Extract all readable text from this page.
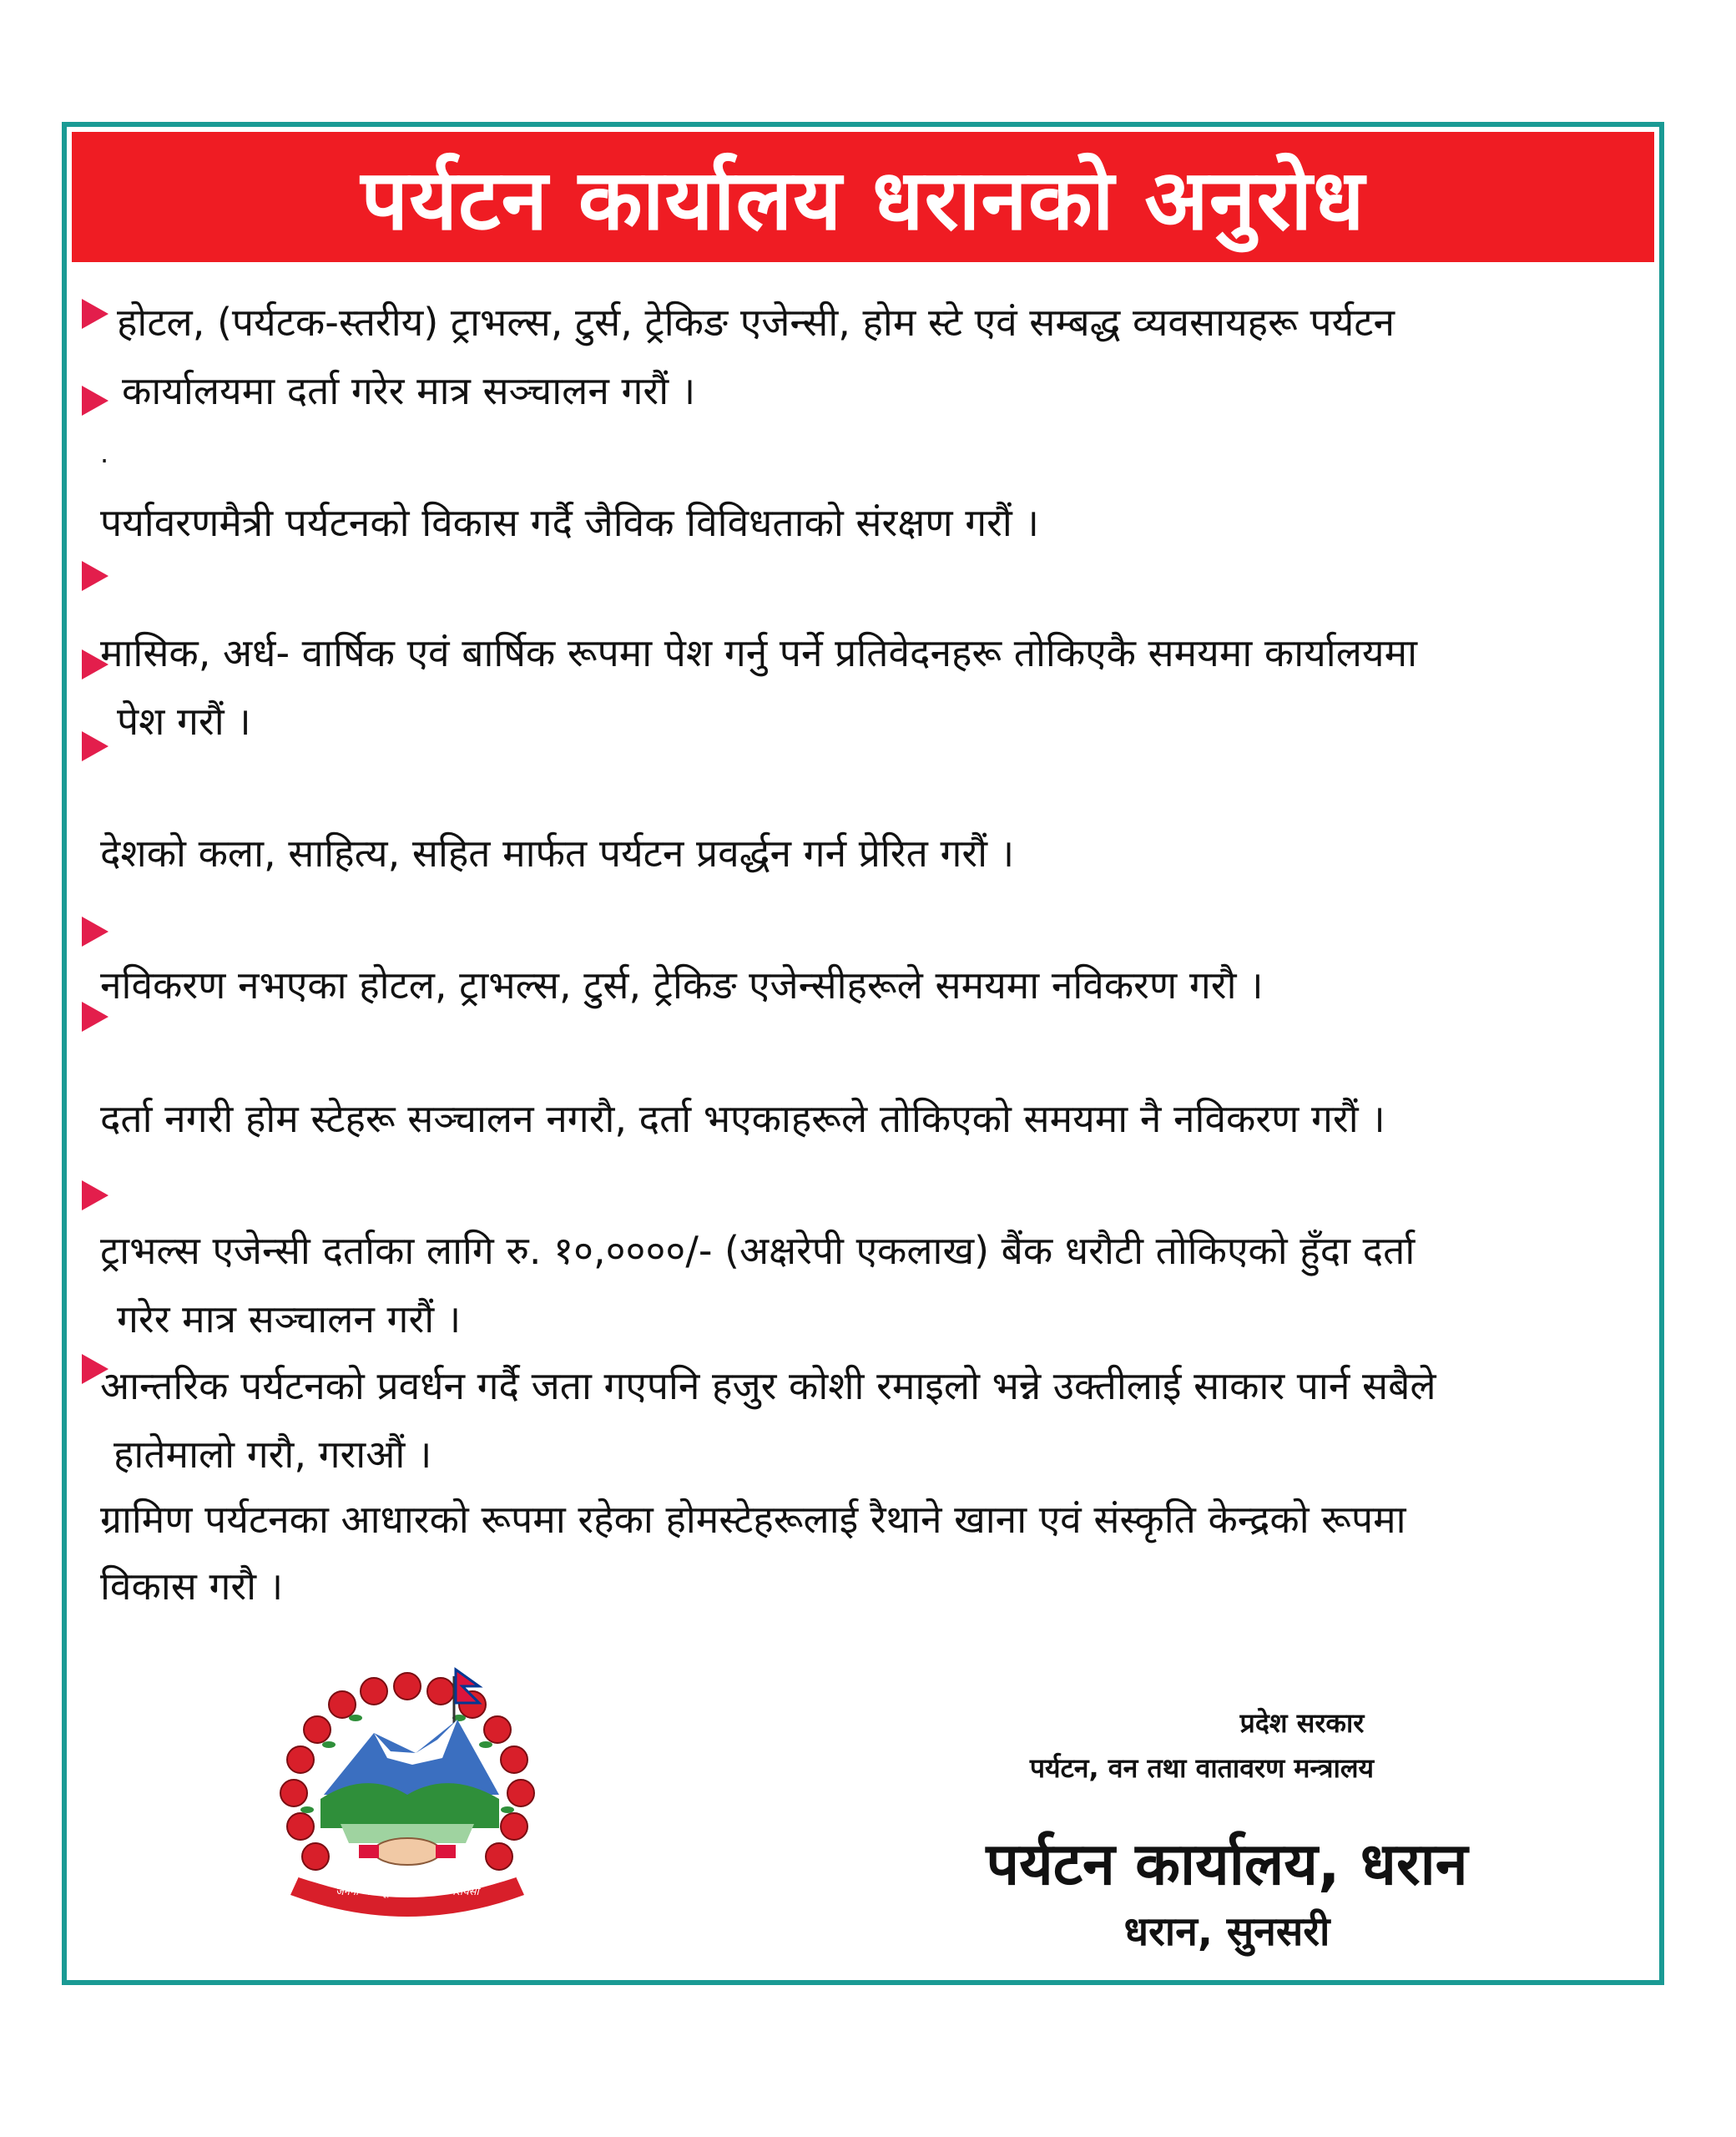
पर्यटन कार्यालय धरानको अनुरोध
.
होटल, (पर्यटक-स्तरीय) ट्राभल्स, टुर्स, ट्रेकिङ एजेन्सी, होम स्टे एवं सम्बद्ध व्यवसायहरू पर्यटन
कार्यालयमा दर्ता गरेर मात्र सञ्चालन गरौं ।
पर्यावरणमैत्री पर्यटनको विकास गर्दै जैविक विविधताको संरक्षण गरौं ।
मासिक, अर्ध- वार्षिक एवं बार्षिक रूपमा पेश गर्नु पर्ने प्रतिवेदनहरू तोकिएकै समयमा कार्यालयमा
पेश गरौं ।
देशको कला, साहित्य, सहित मार्फत पर्यटन प्रवर्द्धन गर्न प्रेरित गरौं ।
नविकरण नभएका होटल, ट्राभल्स, टुर्स, ट्रेकिङ एजेन्सीहरूले समयमा नविकरण गरौ ।
दर्ता नगरी होम स्टेहरू सञ्चालन नगरौ, दर्ता भएकाहरूले तोकिएको समयमा नै नविकरण गरौं ।
ट्राभल्स एजेन्सी दर्ताका लागि रु. १०,००००/- (अक्षरेपी एकलाख) बैंक धरौटी तोकिएको हुँदा दर्ता
गरेर मात्र सञ्चालन गरौं ।
आन्तरिक पर्यटनको प्रवर्धन गर्दै जता गएपनि हजुर कोशी रमाइलो भन्ने उक्तीलाई साकार पार्न सबैले
हातेमालो गरौ, गराऔं ।
ग्रामिण पर्यटनका आधारको रूपमा रहेका होमस्टेहरूलाई रैथाने खाना एवं संस्कृति केन्द्रको रूपमा
विकास गरौ ।
जननी जन्मभूमिश्च स्वर्गादपि गरीयसी
प्रदेश सरकार
पर्यटन, वन तथा वातावरण मन्त्रालय
पर्यटन कार्यालय, धरान
धरान, सुनसरी
